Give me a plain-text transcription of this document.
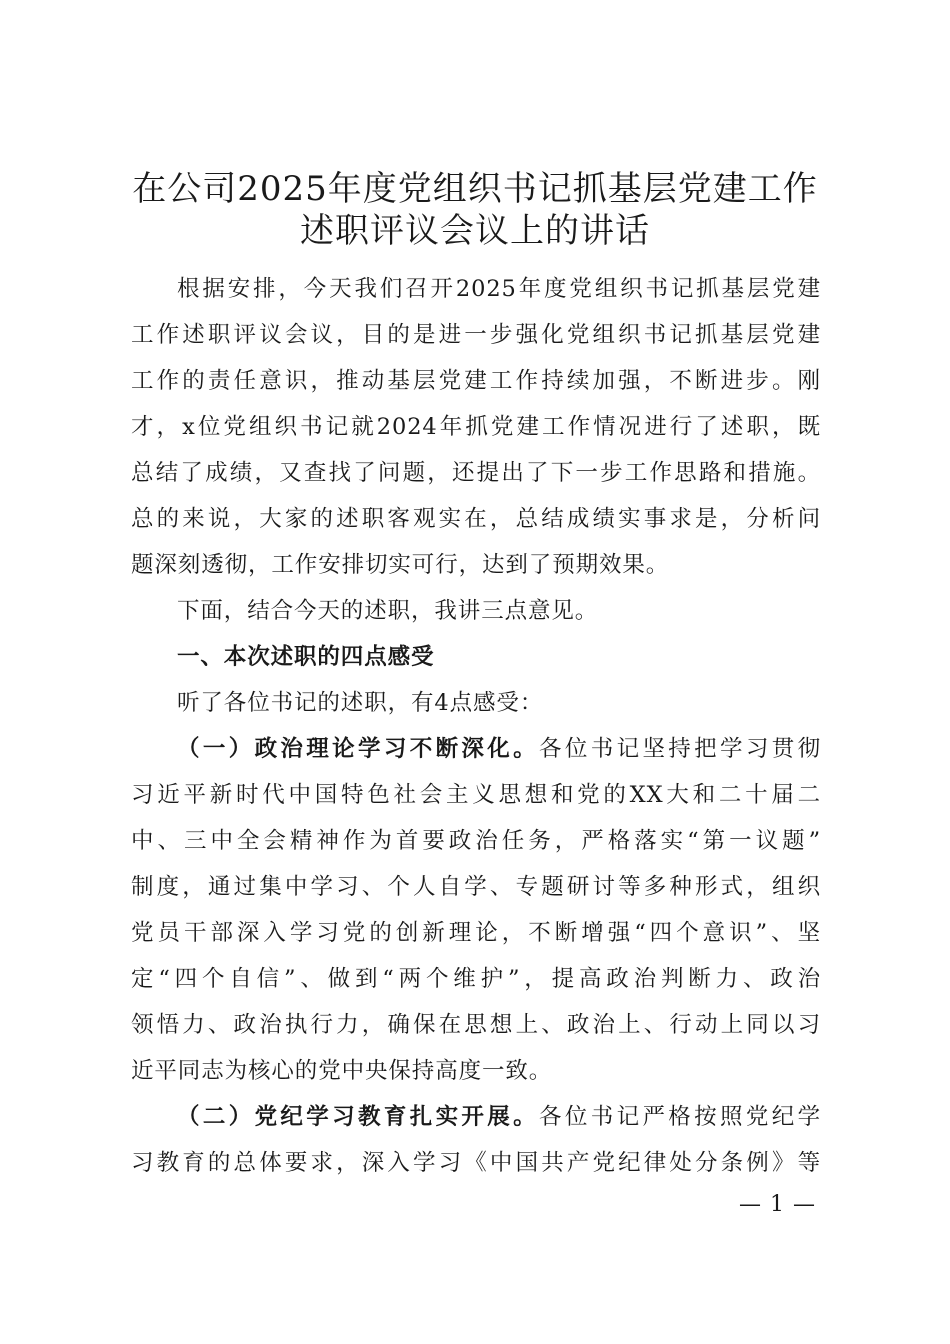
在公司2025年度党组织书记抓基层党建工作
述职评议会议上的讲话
根据安排，今天我们召开2025年度党组织书记抓基层党建
工作述职评议会议，目的是进一步强化党组织书记抓基层党建
工作的责任意识，推动基层党建工作持续加强，不断进步。刚
才，x位党组织书记就2024年抓党建工作情况进行了述职，既
总结了成绩，又查找了问题，还提出了下一步工作思路和措施。
总的来说，大家的述职客观实在，总结成绩实事求是，分析问
题深刻透彻，工作安排切实可行，达到了预期效果。
下面，结合今天的述职，我讲三点意见。
一、本次述职的四点感受
听了各位书记的述职，有4点感受：
（一）政治理论学习不断深化。各位书记坚持把学习贯彻
习近平新时代中国特色社会主义思想和党的XX大和二十届二
中、三中全会精神作为首要政治任务，严格落实“第一议题”
制度，通过集中学习、个人自学、专题研讨等多种形式，组织
党员干部深入学习党的创新理论，不断增强“四个意识”、坚
定“四个自信”、做到“两个维护”，提高政治判断力、政治
领悟力、政治执行力，确保在思想上、政治上、行动上同以习
近平同志为核心的党中央保持高度一致。
（二）党纪学习教育扎实开展。各位书记严格按照党纪学
习教育的总体要求，深入学习《中国共产党纪律处分条例》等
— 1 —
